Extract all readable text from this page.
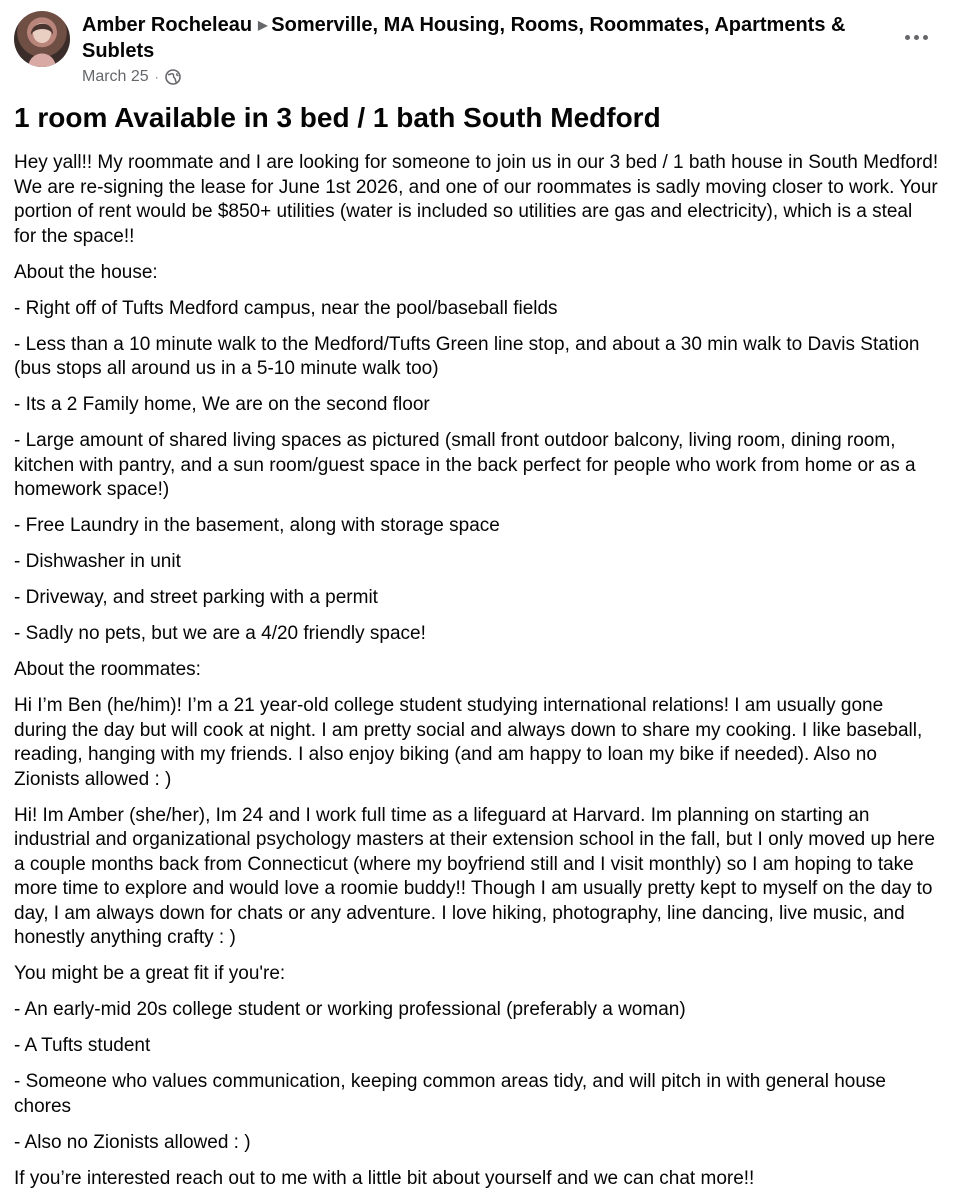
Amber Rocheleau ▶ Somerville, MA Housing, Rooms, Roommates, Apartments & Sublets
March 25 ·
1 room Available in 3 bed / 1 bath South Medford

Hey yall!! My roommate and I are looking for someone to join us in our 3 bed / 1 bath house in South Medford! We are re-signing the lease for June 1st 2026, and one of our roommates is sadly moving closer to work. Your portion of rent would be $850+ utilities (water is included so utilities are gas and electricity), which is a steal for the space!!

About the house:

- Right off of Tufts Medford campus, near the pool/baseball fields

- Less than a 10 minute walk to the Medford/Tufts Green line stop, and about a 30 min walk to Davis Station (bus stops all around us in a 5-10 minute walk too)

- Its a 2 Family home, We are on the second floor

- Large amount of shared living spaces as pictured (small front outdoor balcony, living room, dining room, kitchen with pantry, and a sun room/guest space in the back perfect for people who work from home or as a homework space!)

- Free Laundry in the basement, along with storage space

- Dishwasher in unit

- Driveway, and street parking with a permit

- Sadly no pets, but we are a 4/20 friendly space!

About the roommates:

Hi I’m Ben (he/him)! I’m a 21 year-old college student studying international relations! I am usually gone during the day but will cook at night. I am pretty social and always down to share my cooking. I like baseball, reading, hanging with my friends. I also enjoy biking (and am happy to loan my bike if needed). Also no Zionists allowed : )

Hi! Im Amber (she/her), Im 24 and I work full time as a lifeguard at Harvard. Im planning on starting an industrial and organizational psychology masters at their extension school in the fall, but I only moved up here a couple months back from Connecticut (where my boyfriend still and I visit monthly) so I am hoping to take more time to explore and would love a roomie buddy!! Though I am usually pretty kept to myself on the day to day, I am always down for chats or any adventure. I love hiking, photography, line dancing, live music, and honestly anything crafty : )

You might be a great fit if you're:

- An early-mid 20s college student or working professional (preferably a woman)

- A Tufts student

- Someone who values communication, keeping common areas tidy, and will pitch in with general house chores

- Also no Zionists allowed : )

If you’re interested reach out to me with a little bit about yourself and we can chat more!!
